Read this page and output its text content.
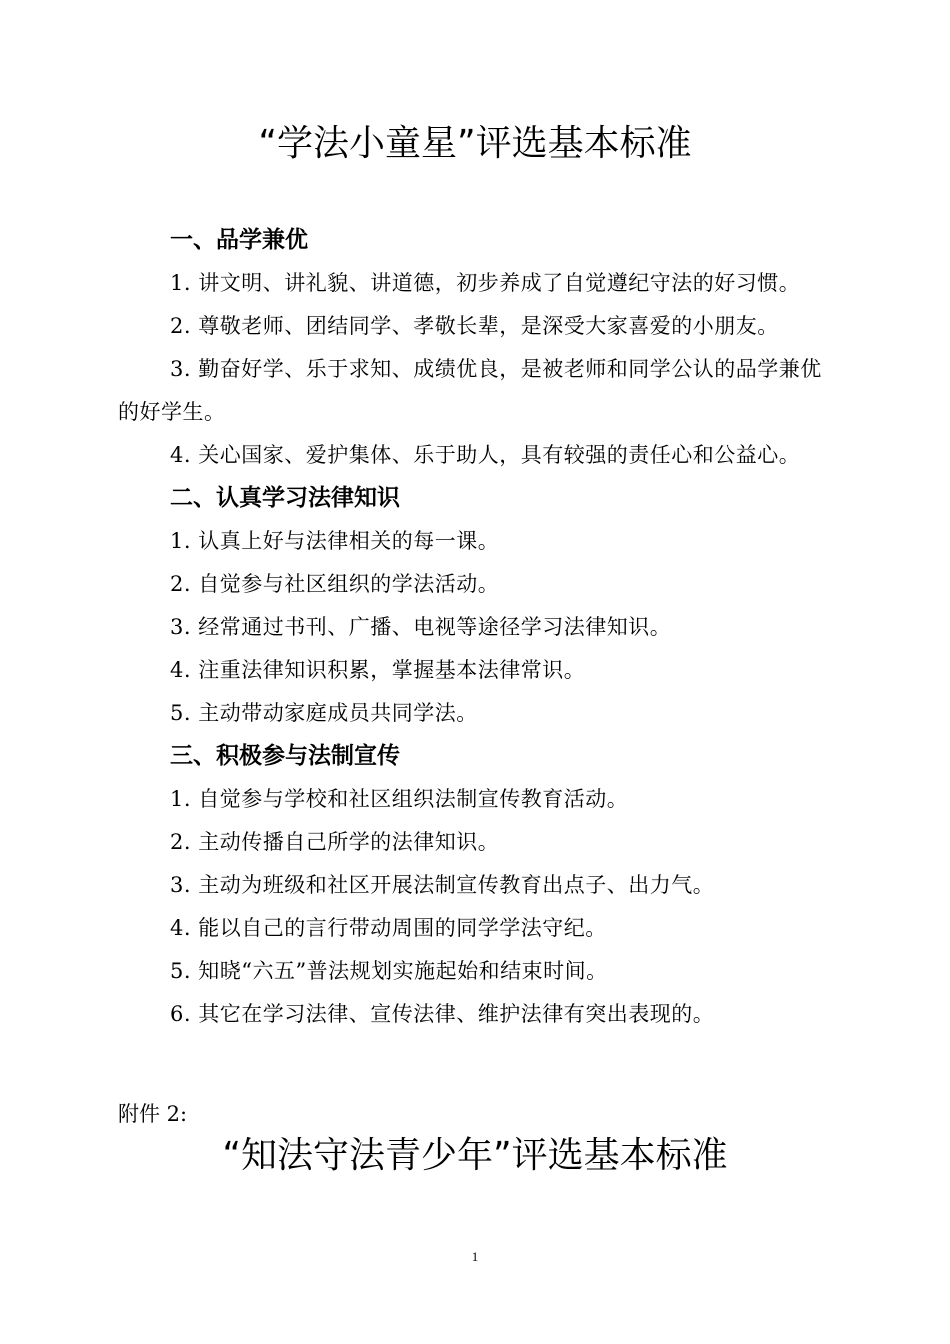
“学法小童星”评选基本标准
一、品学兼优
1. 讲文明、讲礼貌、讲道德，初步养成了自觉遵纪守法的好习惯。
2. 尊敬老师、团结同学、孝敬长辈，是深受大家喜爱的小朋友。
3. 勤奋好学、乐于求知、成绩优良，是被老师和同学公认的品学兼优的好学生。
4. 关心国家、爱护集体、乐于助人，具有较强的责任心和公益心。
二、认真学习法律知识
1. 认真上好与法律相关的每一课。
2. 自觉参与社区组织的学法活动。
3. 经常通过书刊、广播、电视等途径学习法律知识。
4. 注重法律知识积累，掌握基本法律常识。
5. 主动带动家庭成员共同学法。
三、积极参与法制宣传
1. 自觉参与学校和社区组织法制宣传教育活动。
2. 主动传播自己所学的法律知识。
3. 主动为班级和社区开展法制宣传教育出点子、出力气。
4. 能以自己的言行带动周围的同学学法守纪。
5. 知晓“六五”普法规划实施起始和结束时间。
6. 其它在学习法律、宣传法律、维护法律有突出表现的。
附件 2:
“知法守法青少年”评选基本标准
1
